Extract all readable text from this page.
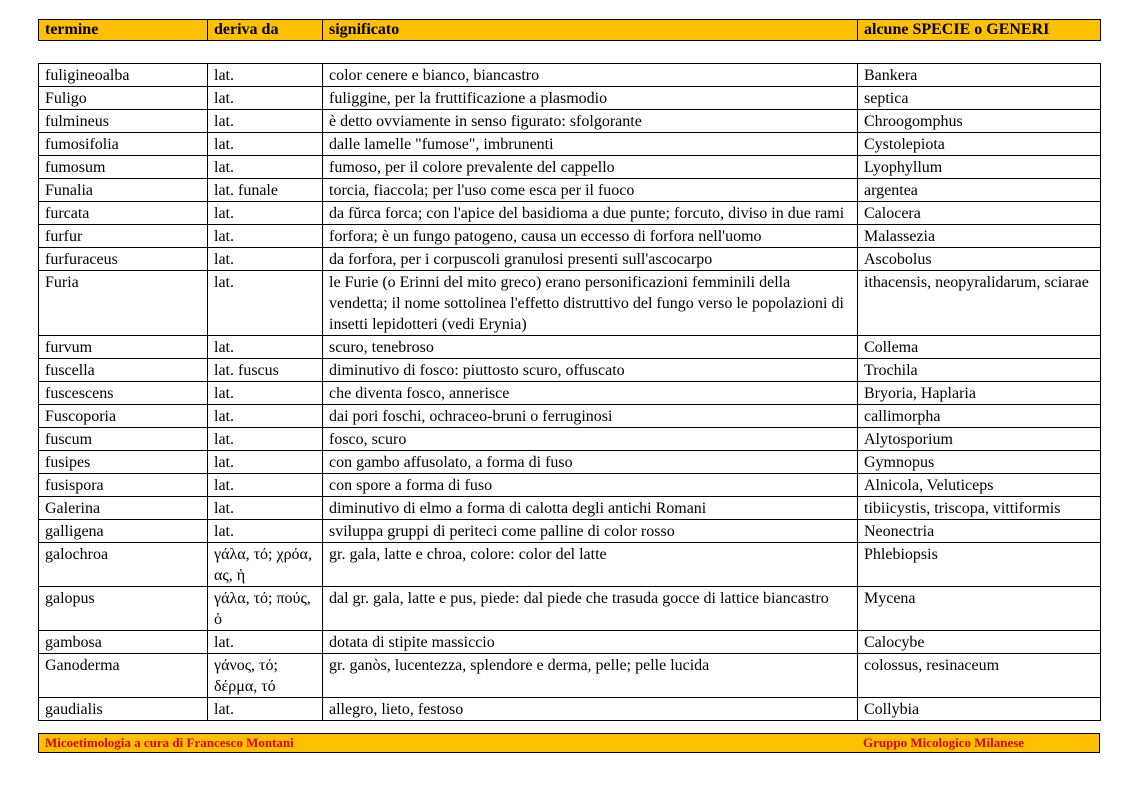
termine	deriva da	significato	alcune SPECIE o GENERI
fuligineoalba	lat.	color cenere e bianco, biancastro	Bankera
Fuligo	lat.	fuliggine, per la fruttificazione a plasmodio	septica
fulmineus	lat.	è detto ovviamente in senso figurato: sfolgorante	Chroogomphus
fumosifolia	lat.	dalle lamelle "fumose", imbrunenti	Cystolepiota
fumosum	lat.	fumoso, per il colore prevalente del cappello	Lyophyllum
Funalia	lat. funale	torcia, fiaccola; per l'uso come esca per il fuoco	argentea
furcata	lat.	da fŭrca forca; con l'apice del basidioma a due punte; forcuto, diviso in due rami	Calocera
furfur	lat.	forfora; è un fungo patogeno, causa un eccesso di forfora nell'uomo	Malassezia
furfuraceus	lat.	da forfora, per i corpuscoli granulosi presenti sull'ascocarpo	Ascobolus
Furia	lat.	le Furie (o Erinni del mito greco) erano personificazioni femminili della vendetta; il nome sottolinea l'effetto distruttivo del fungo verso le popolazioni di insetti lepidotteri (vedi Erynia)	ithacensis, neopyralidarum, sciarae
furvum	lat.	scuro, tenebroso	Collema
fuscella	lat. fuscus	diminutivo di fosco: piuttosto scuro, offuscato	Trochila
fuscescens	lat.	che diventa fosco, annerisce	Bryoria, Haplaria
Fuscoporia	lat.	dai pori foschi, ochraceo-bruni o ferruginosi	callimorpha
fuscum	lat.	fosco, scuro	Alytosporium
fusipes	lat.	con gambo affusolato, a forma di fuso	Gymnopus
fusispora	lat.	con spore a forma di fuso	Alnicola, Veluticeps
Galerina	lat.	diminutivo di elmo a forma di calotta degli antichi Romani	tibiicystis, triscopa, vittiformis
galligena	lat.	sviluppa gruppi di periteci come palline di color rosso	Neonectria
galochroa	γάλα, τό; χρόα, ας, ἡ	gr. gala, latte e chroa, colore: color del latte	Phlebiopsis
galopus	γάλα, τό; πούς, ὁ	dal gr. gala, latte e pus, piede: dal piede che trasuda gocce di lattice biancastro	Mycena
gambosa	lat.	dotata di stipite massiccio	Calocybe
Ganoderma	γάνος, τό; δέρμα, τό	gr. ganòs, lucentezza, splendore e derma, pelle; pelle lucida	colossus, resinaceum
gaudialis	lat.	allegro, lieto, festoso	Collybia
Micoetimologia a cura di Francesco Montani	Gruppo Micologico Milanese
